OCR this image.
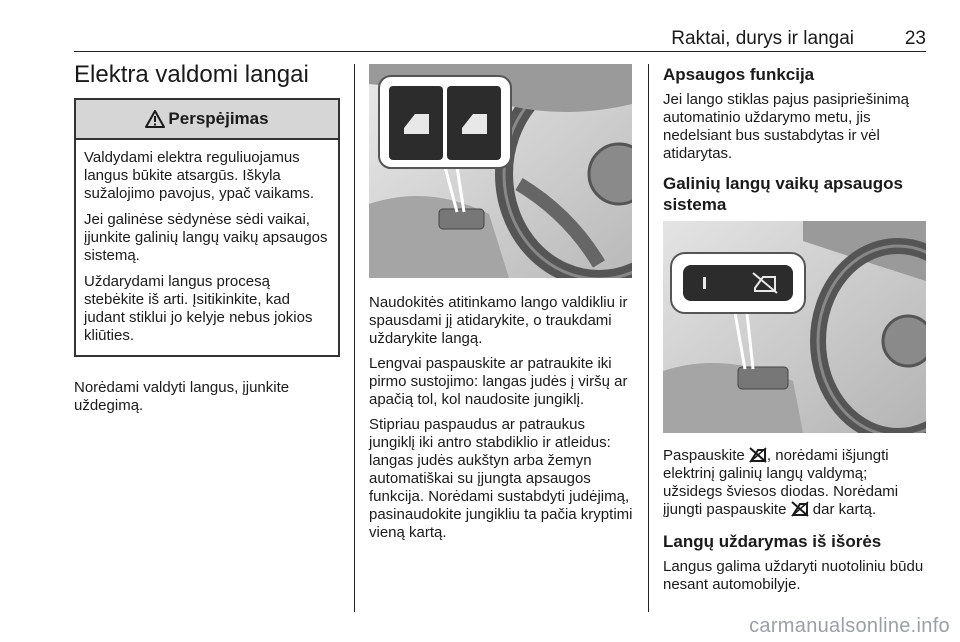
Raktai, durys ir langai	23
Elektra valdomi langai
Perspėjimas

Valdydami elektra reguliuojamus langus būkite atsargūs. Iškyla sužalojimo pavojus, ypač vaikams.

Jei galinėse sėdynėse sėdi vaikai, įjunkite galinių langų vaikų apsaugos sistemą.

Uždarydami langus procesą stebėkite iš arti. Įsitikinkite, kad judant stiklui jo kelyje nebus jokios kliūties.

Norėdami valdyti langus, įjunkite uždegimą.

Naudokitės atitinkamo lango valdikliu ir spausdami jį atidarykite, o traukdami uždarykite langą.

Lengvai paspauskite ar patraukite iki pirmo sustojimo: langas judės į viršų ar apačią tol, kol naudosite jungiklį.

Stipriau paspaudus ar patraukus jungiklį iki antro stabdiklio ir atleidus: langas judės aukštyn arba žemyn automatiškai su įjungta apsaugos funkcija. Norėdami sustabdyti judėjimą, pasinaudokite jungikliu ta pačia kryptimi vieną kartą.

Apsaugos funkcija

Jei lango stiklas pajus pasipriešinimą automatinio uždarymo metu, jis nedelsiant bus sustabdytas ir vėl atidarytas.

Galinių langų vaikų apsaugos sistema

Paspauskite , norėdami išjungti elektrinį galinių langų valdymą; užsidegs šviesos diodas. Norėdami įjungti paspauskite  dar kartą.

Langų uždarymas iš išorės

Langus galima uždaryti nuotoliniu būdu nesant automobilyje.

carmanualsonline.info
